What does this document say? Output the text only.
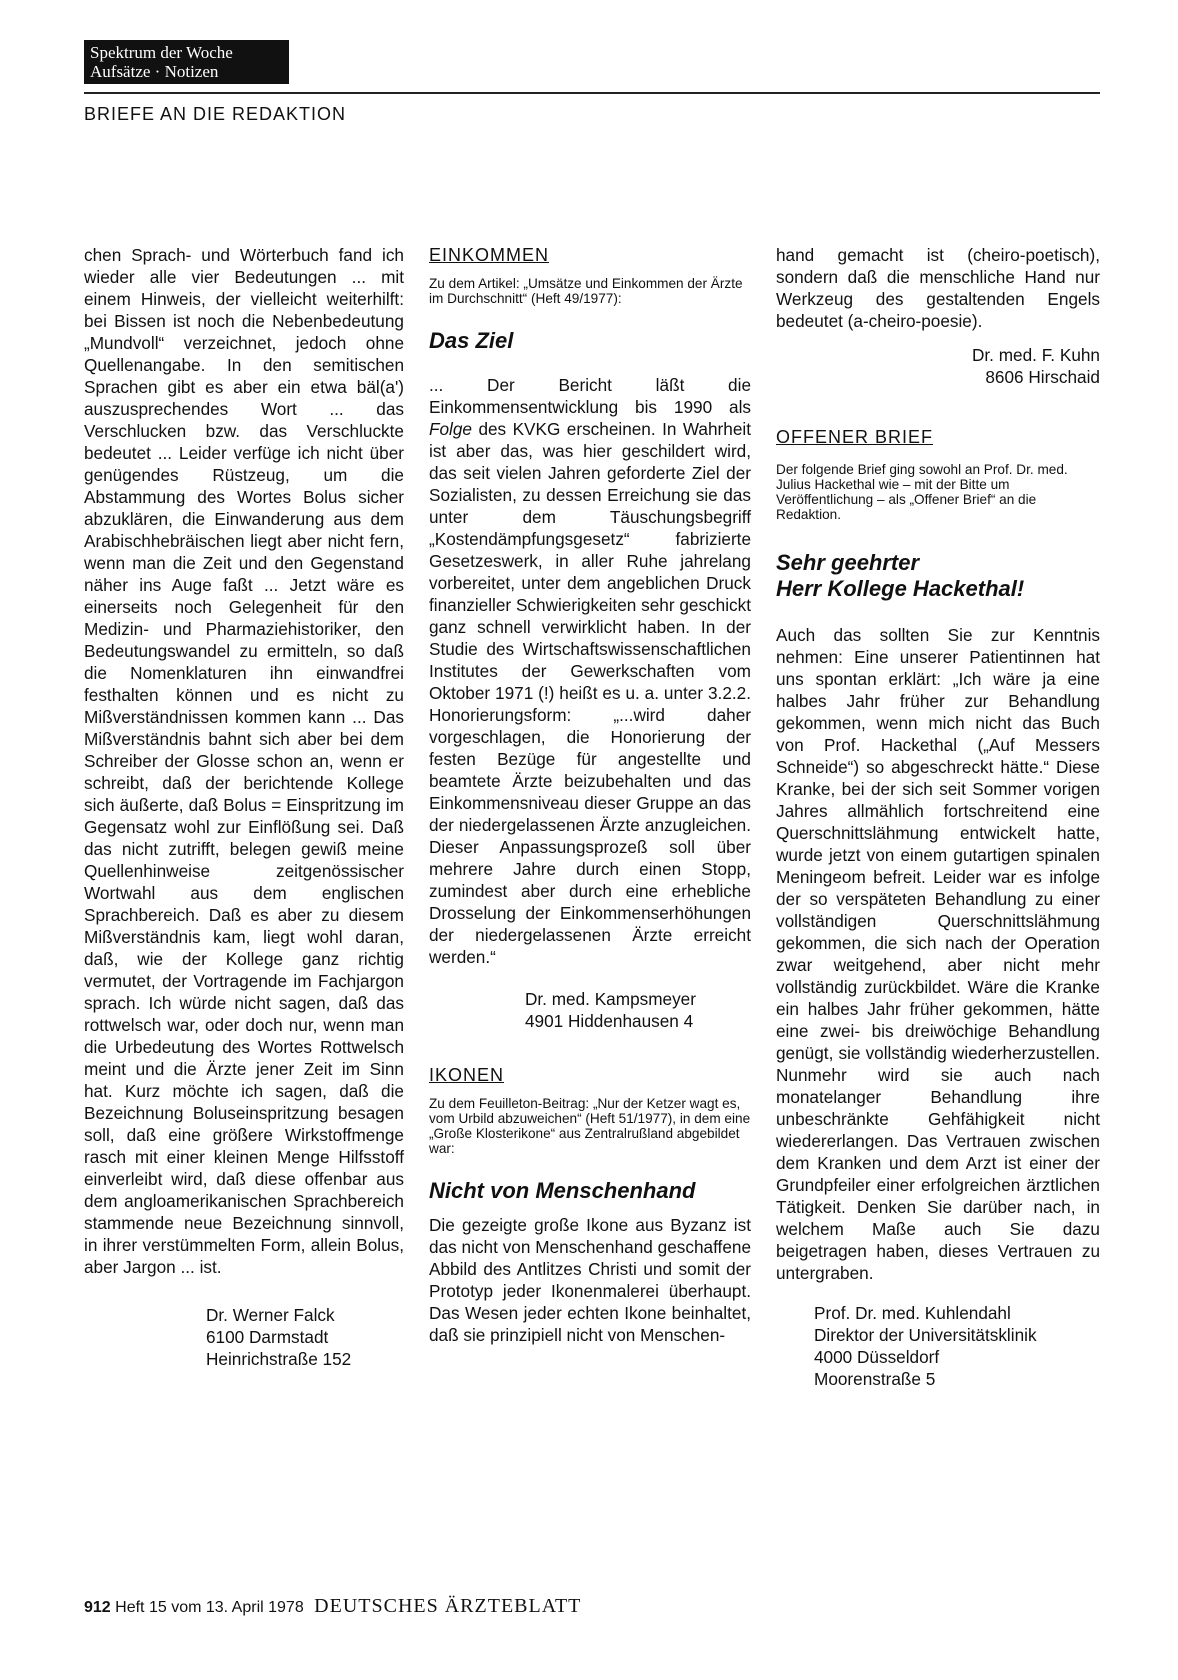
Spektrum der Woche
Aufsätze · Notizen
BRIEFE AN DIE REDAKTION

chen Sprach- und Wörterbuch fand ich wieder alle vier Bedeutungen ... mit einem Hinweis, der vielleicht weiterhilft: bei Bissen ist noch die Nebenbedeutung „Mundvoll“ verzeichnet, jedoch ohne Quellenangabe. In den semitischen Sprachen gibt es aber ein etwa bäl(a') auszusprechendes Wort ... das Verschlucken bzw. das Verschluckte bedeutet ... Leider verfüge ich nicht über genügendes Rüstzeug, um die Abstammung des Wortes Bolus sicher abzuklären, die Einwanderung aus dem Arabischhebräischen liegt aber nicht fern, wenn man die Zeit und den Gegenstand näher ins Auge faßt ... Jetzt wäre es einerseits noch Gelegenheit für den Medizin- und Pharmaziehistoriker, den Bedeutungswandel zu ermitteln, so daß die Nomenklaturen ihn einwandfrei festhalten können und es nicht zu Mißverständnissen kommen kann ... Das Mißverständnis bahnt sich aber bei dem Schreiber der Glosse schon an, wenn er schreibt, daß der berichtende Kollege sich äußerte, daß Bolus = Einspritzung im Gegensatz wohl zur Einflößung sei. Daß das nicht zutrifft, belegen gewiß meine Quellenhinweise zeitgenössischer Wortwahl aus dem englischen Sprachbereich. Daß es aber zu diesem Mißverständnis kam, liegt wohl daran, daß, wie der Kollege ganz richtig vermutet, der Vortragende im Fachjargon sprach. Ich würde nicht sagen, daß das rottwelsch war, oder doch nur, wenn man die Urbedeutung des Wortes Rottwelsch meint und die Ärzte jener Zeit im Sinn hat. Kurz möchte ich sagen, daß die Bezeichnung Boluseinspritzung besagen soll, daß eine größere Wirkstoffmenge rasch mit einer kleinen Menge Hilfsstoff einverleibt wird, daß diese offenbar aus dem angloamerikanischen Sprachbereich stammende neue Bezeichnung sinnvoll, in ihrer verstümmelten Form, allein Bolus, aber Jargon ... ist.

Dr. Werner Falck

6100 Darmstadt

Heinrichstraße 152

EINKOMMEN

Zu dem Artikel: „Umsätze und Einkommen der Ärzte im Durchschnitt“ (Heft 49/1977):

Das Ziel

... Der Bericht läßt die Einkommensentwicklung bis 1990 als Folge des KVKG erscheinen. In Wahrheit ist aber das, was hier geschildert wird, das seit vielen Jahren geforderte Ziel der Sozialisten, zu dessen Erreichung sie das unter dem Täuschungsbegriff „Kostendämpfungsgesetz“ fabrizierte Gesetzeswerk, in aller Ruhe jahrelang vorbereitet, unter dem angeblichen Druck finanzieller Schwierigkeiten sehr geschickt ganz schnell verwirklicht haben. In der Studie des Wirtschaftswissenschaftlichen Institutes der Gewerkschaften vom Oktober 1971 (!) heißt es u. a. unter 3.2.2. Honorierungsform: „...wird daher vorgeschlagen, die Honorierung der festen Bezüge für angestellte und beamtete Ärzte beizubehalten und das Einkommensniveau dieser Gruppe an das der niedergelassenen Ärzte anzugleichen. Dieser Anpassungsprozeß soll über mehrere Jahre durch einen Stopp, zumindest aber durch eine erhebliche Drosselung der Einkommenserhöhungen der niedergelassenen Ärzte erreicht werden.“

Dr. med. Kampsmeyer

4901 Hiddenhausen 4

IKONEN

Zu dem Feuilleton-Beitrag: „Nur der Ketzer wagt es, vom Urbild abzuweichen“ (Heft 51/1977), in dem eine „Große Klosterikone“ aus Zentralrußland abgebildet war:

Nicht von Menschenhand

Die gezeigte große Ikone aus Byzanz ist das nicht von Menschenhand geschaffene Abbild des Antlitzes Christi und somit der Prototyp jeder Ikonenmalerei überhaupt. Das Wesen jeder echten Ikone beinhaltet, daß sie prinzipiell nicht von Menschen-

hand gemacht ist (cheiro-poetisch), sondern daß die menschliche Hand nur Werkzeug des gestaltenden Engels bedeutet (a-cheiro-poesie).

Dr. med. F. Kuhn

8606 Hirschaid

OFFENER BRIEF

Der folgende Brief ging sowohl an Prof. Dr. med. Julius Hackethal wie – mit der Bitte um Veröffentlichung – als „Offener Brief“ an die Redaktion.

Sehr geehrter

Herr Kollege Hackethal!

Auch das sollten Sie zur Kenntnis nehmen: Eine unserer Patientinnen hat uns spontan erklärt: „Ich wäre ja eine halbes Jahr früher zur Behandlung gekommen, wenn mich nicht das Buch von Prof. Hackethal („Auf Messers Schneide“) so abgeschreckt hätte.“ Diese Kranke, bei der sich seit Sommer vorigen Jahres allmählich fortschreitend eine Querschnittslähmung entwickelt hatte, wurde jetzt von einem gutartigen spinalen Meningeom befreit. Leider war es infolge der so verspäteten Behandlung zu einer vollständigen Querschnittslähmung gekommen, die sich nach der Operation zwar weitgehend, aber nicht mehr vollständig zurückbildet. Wäre die Kranke ein halbes Jahr früher gekommen, hätte eine zwei- bis dreiwöchige Behandlung genügt, sie vollständig wiederherzustellen. Nunmehr wird sie auch nach monatelanger Behandlung ihre unbeschränkte Gehfähigkeit nicht wiedererlangen. Das Vertrauen zwischen dem Kranken und dem Arzt ist einer der Grundpfeiler einer erfolgreichen ärztlichen Tätigkeit. Denken Sie darüber nach, in welchem Maße auch Sie dazu beigetragen haben, dieses Vertrauen zu untergraben.

Prof. Dr. med. Kuhlendahl

Direktor der Universitätsklinik

4000 Düsseldorf

Moorenstraße 5

912 Heft 15 vom 13. April 1978 DEUTSCHES ÄRZTEBLATT
